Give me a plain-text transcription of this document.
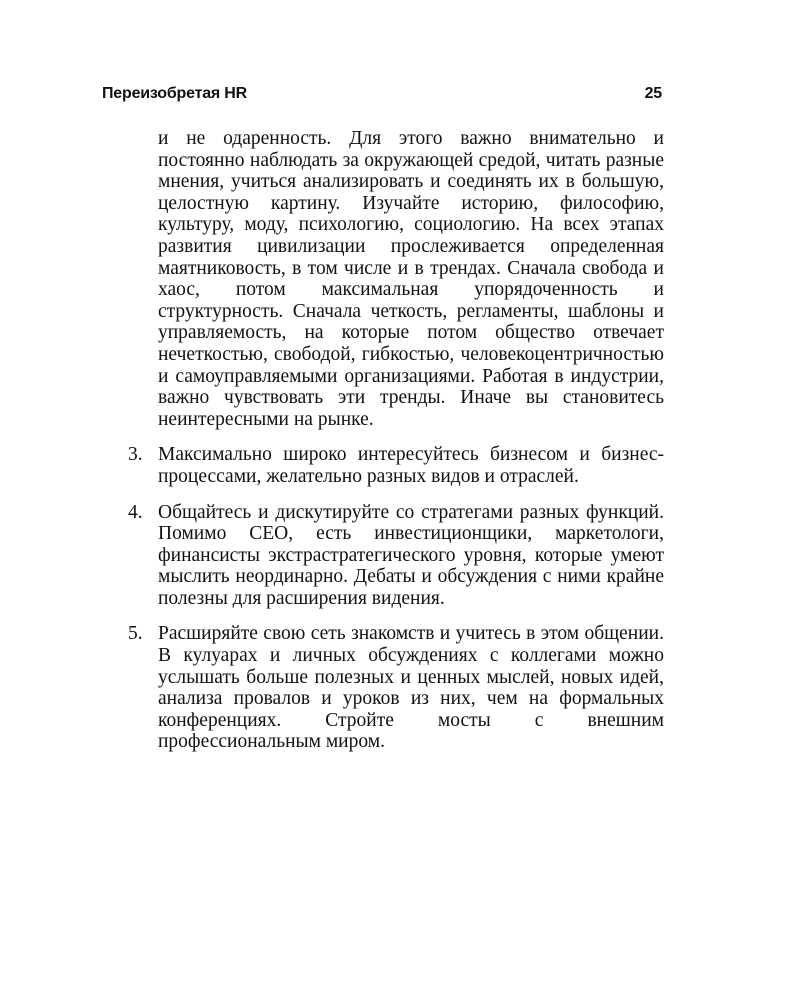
Переизобретая HR	25

и не одаренность. Для этого важно внимательно и постоянно наблюдать за окружающей средой, читать разные мнения, учиться анализировать и соединять их в большую, целостную картину. Изучайте историю, философию, культуру, моду, психологию, социологию. На всех этапах развития цивилизации прослеживается определенная маятниковость, в том числе и в трендах. Сначала свобода и хаос, потом максимальная упорядоченность и структурность. Сначала четкость, регламенты, шаблоны и управляемость, на которые потом общество отвечает нечеткостью, свободой, гибкостью, человекоцентричностью и самоуправляемыми организациями. Работая в индустрии, важно чувствовать эти тренды. Иначе вы становитесь неинтересными на рынке.

3. Максимально широко интересуйтесь бизнесом и бизнес-процессами, желательно разных видов и отраслей.
4. Общайтесь и дискутируйте со стратегами разных функций. Помимо CEO, есть инвестиционщики, маркетологи, финансисты экстрастратегического уровня, которые умеют мыслить неординарно. Дебаты и обсуждения с ними крайне полезны для расширения видения.
5. Расширяйте свою сеть знакомств и учитесь в этом общении. В кулуарах и личных обсуждениях с коллегами можно услышать больше полезных и ценных мыслей, новых идей, анализа провалов и уроков из них, чем на формальных конференциях. Стройте мосты с внешним профессиональным миром.
